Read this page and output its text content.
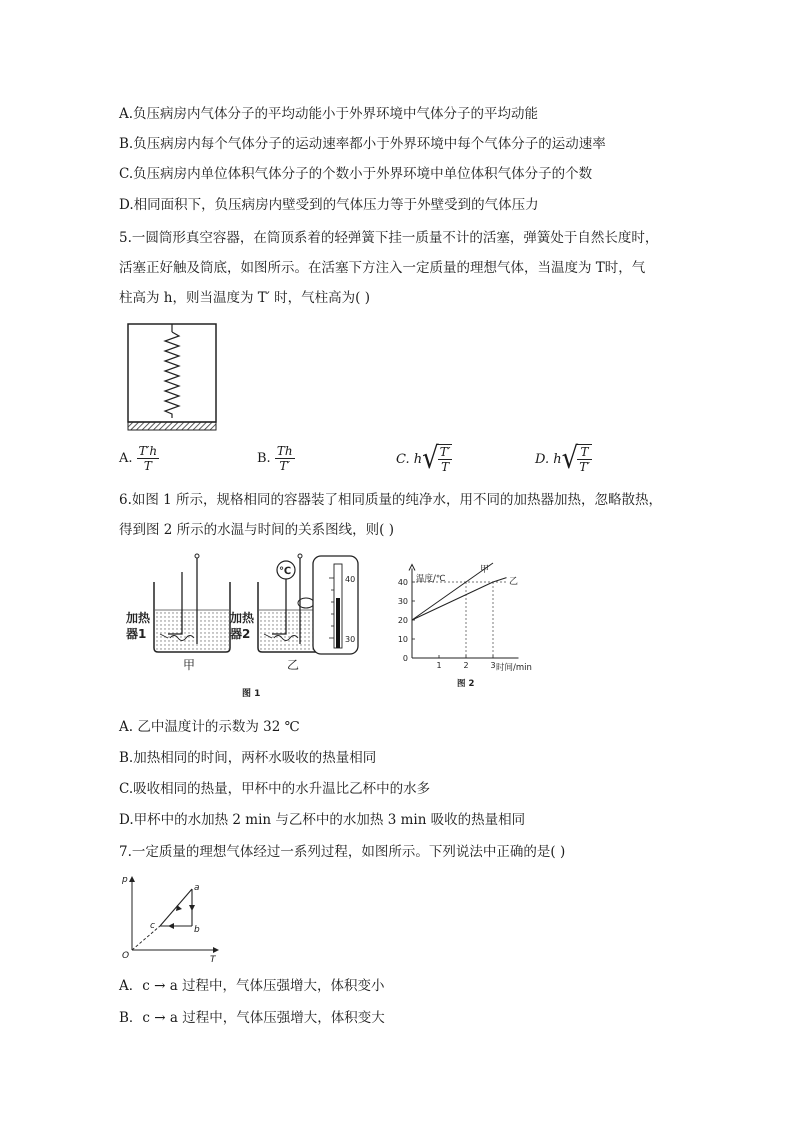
A.负压病房内气体分子的平均动能小于外界环境中气体分子的平均动能
B.负压病房内每个气体分子的运动速率都小于外界环境中每个气体分子的运动速率
C.负压病房内单位体积气体分子的个数小于外界环境中单位体积气体分子的个数
D.相同面积下，负压病房内壁受到的气体压力等于外壁受到的气体压力
5.一圆筒形真空容器，在筒顶系着的轻弹簧下挂一质量不计的活塞，弹簧处于自然长度时，
活塞正好触及筒底，如图所示。在活塞下方注入一定质量的理想气体，当温度为 T时，气
柱高为 h，则当温度为 T′ 时，气柱高为( )
A. $\frac{T'h}{T}$	B. $\frac{Th}{T'}$	C. h √ $\frac{T'}{T}$	D. h √ $\frac{T}{T'}$
6.如图 1 所示，规格相同的容器装了相同质量的纯净水，用不同的加热器加热，忽略散热，
得到图 2 所示的水温与时间的关系图线，则( )
加热
器1
甲
℃
加热
器2
乙
40
30
图 1
0
10
20
30
40
1	2	3
温度/℃
时间/min
甲
乙
图 2
A. 乙中温度计的示数为 32 ℃
B.加热相同的时间，两杯水吸收的热量相同
C.吸收相同的热量，甲杯中的水升温比乙杯中的水多
D.甲杯中的水加热 2 min 与乙杯中的水加热 3 min 吸收的热量相同
7.一定质量的理想气体经过一系列过程，如图所示。下列说法中正确的是( )
p
T
O
a
b
c
A．c → a 过程中，气体压强增大，体积变小
B．c → a 过程中，气体压强增大，体积变大
